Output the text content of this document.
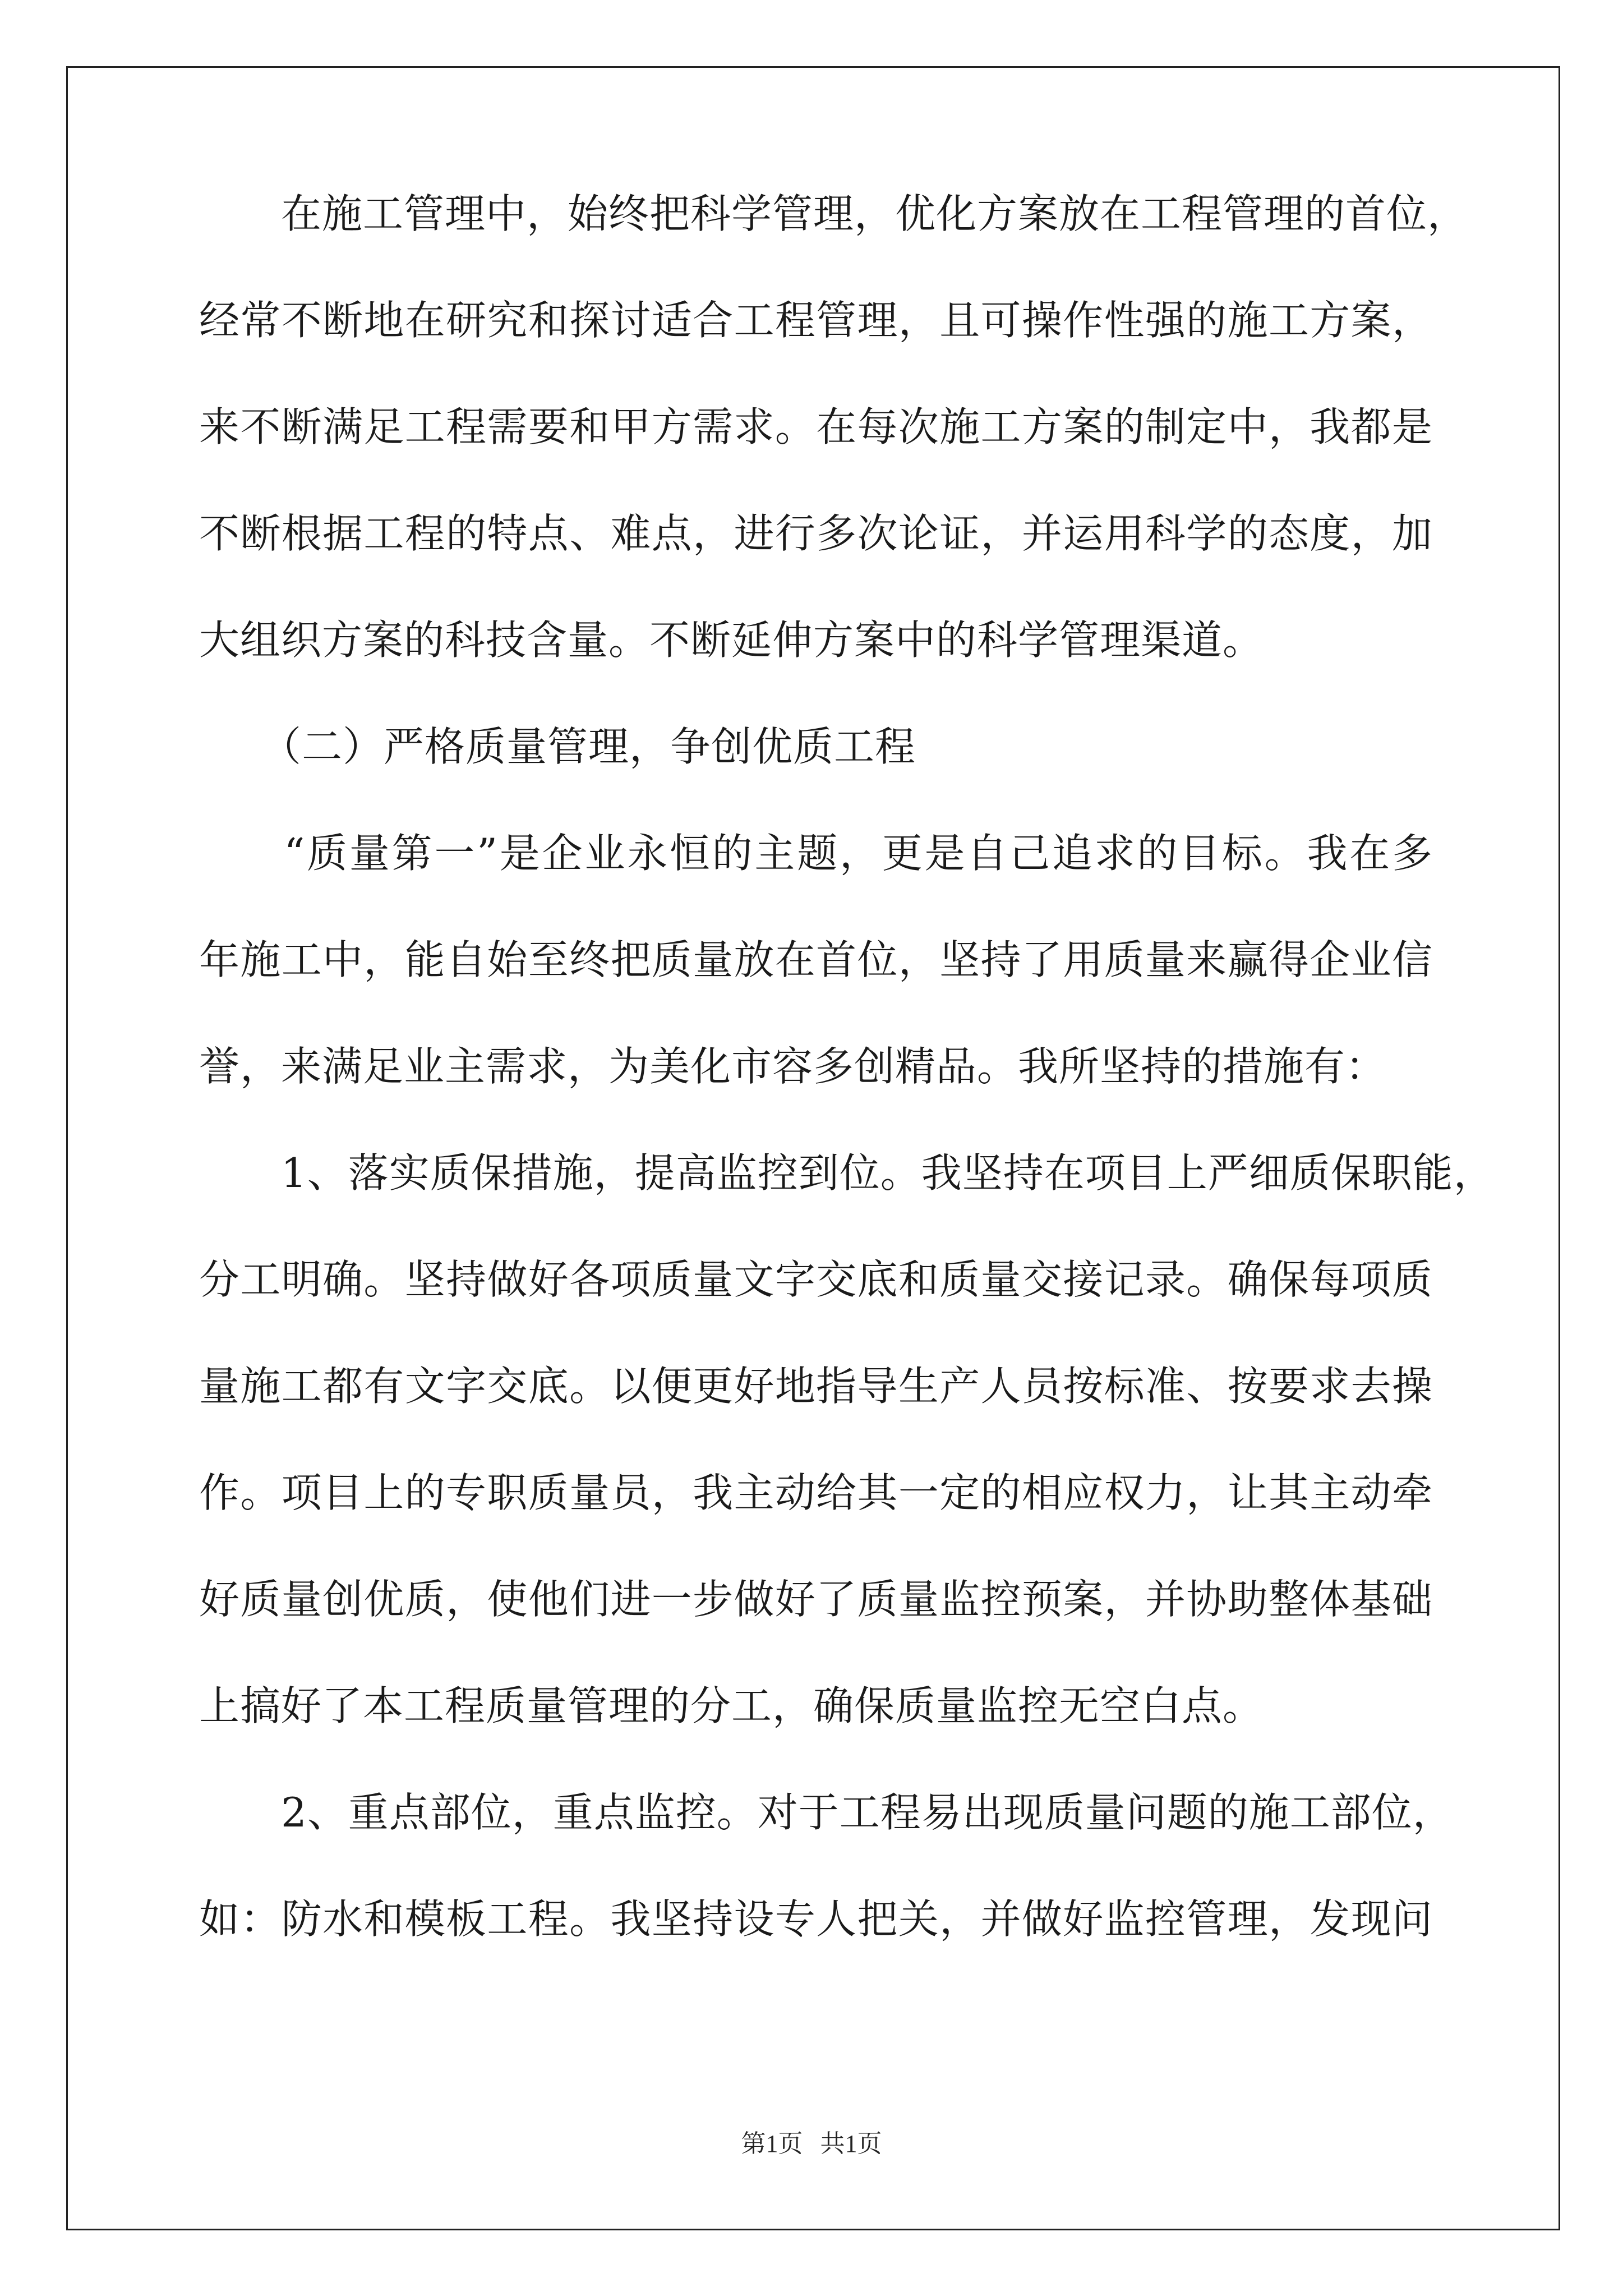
　　在施工管理中，始终把科学管理，优化方案放在工程管理的首位，
经常不断地在研究和探讨适合工程管理，且可操作性强的施工方案，
来不断满足工程需要和甲方需求。在每次施工方案的制定中，我都是
不断根据工程的特点、难点，进行多次论证，并运用科学的态度，加
大组织方案的科技含量。不断延伸方案中的科学管理渠道。
　　（二）严格质量管理，争创优质工程
　　“质量第一”是企业永恒的主题，更是自己追求的目标。我在多
年施工中，能自始至终把质量放在首位，坚持了用质量来赢得企业信
誉，来满足业主需求，为美化市容多创精品。我所坚持的措施有：
　　1、落实质保措施，提高监控到位。我坚持在项目上严细质保职能，
分工明确。坚持做好各项质量文字交底和质量交接记录。确保每项质
量施工都有文字交底。以便更好地指导生产人员按标准、按要求去操
作。项目上的专职质量员，我主动给其一定的相应权力，让其主动牵
好质量创优质，使他们进一步做好了质量监控预案，并协助整体基础
上搞好了本工程质量管理的分工，确保质量监控无空白点。
　　2、重点部位，重点监控。对于工程易出现质量问题的施工部位，
如：防水和模板工程。我坚持设专人把关，并做好监控管理，发现问
第1页 共1页
